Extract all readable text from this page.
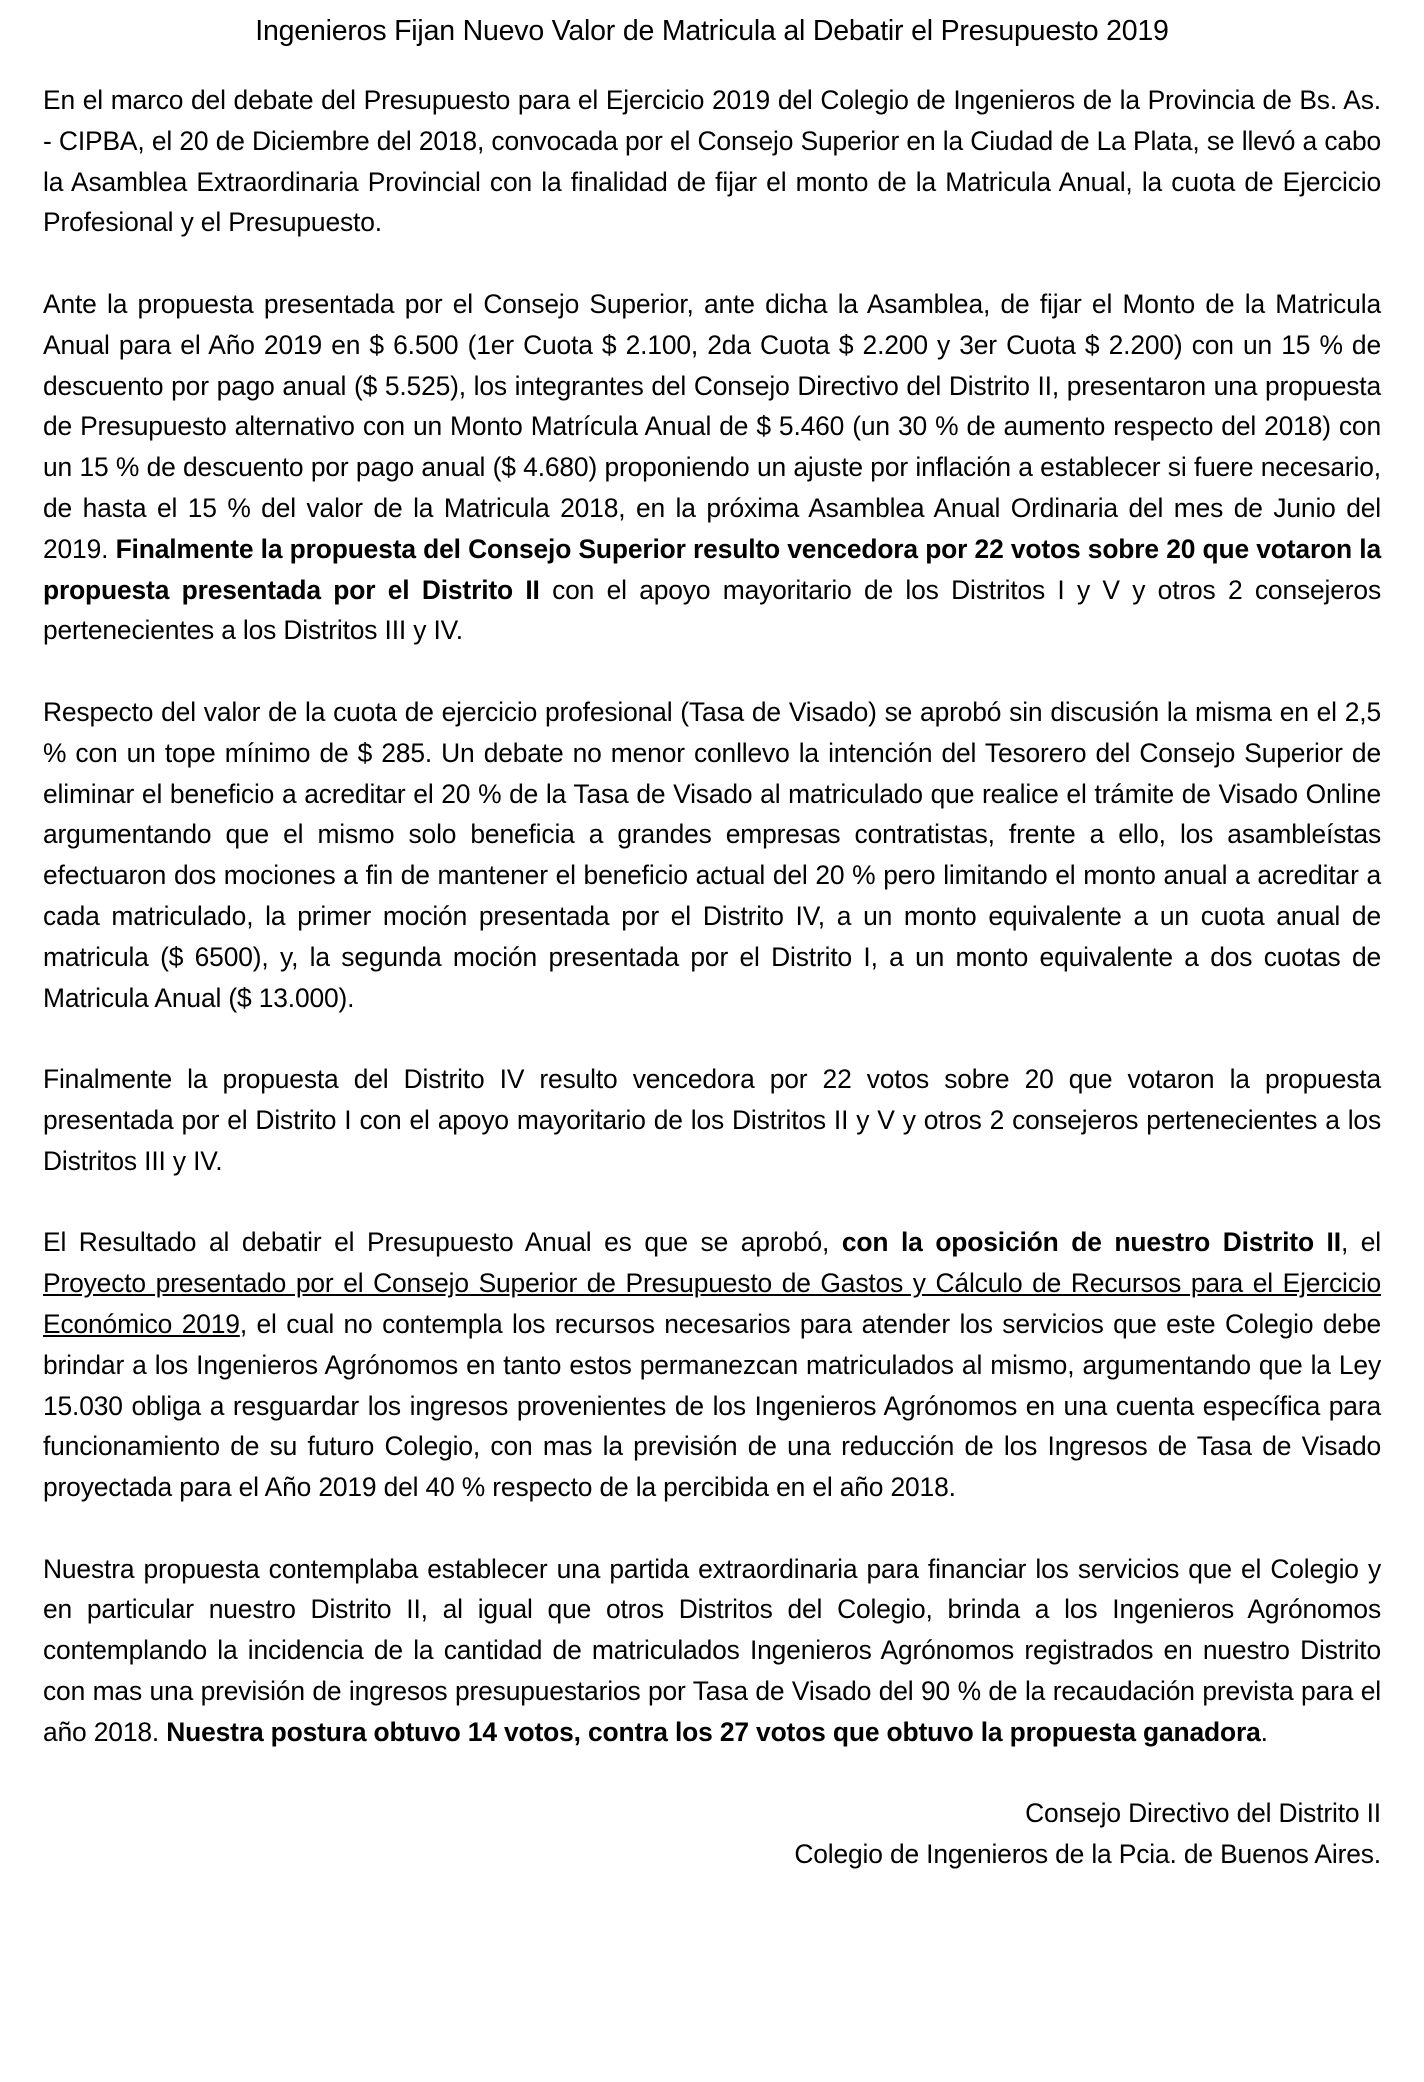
Ingenieros Fijan Nuevo Valor de Matricula al Debatir el Presupuesto 2019

En el marco del debate del Presupuesto para el Ejercicio 2019 del Colegio de Ingenieros de la Provincia de Bs. As. - CIPBA, el 20 de Diciembre del 2018, convocada por el Consejo Superior en la Ciudad de La Plata, se llevó a cabo la Asamblea Extraordinaria Provincial con la finalidad de fijar el monto de la Matricula Anual, la cuota de Ejercicio Profesional y el Presupuesto.

Ante la propuesta presentada por el Consejo Superior, ante dicha la Asamblea, de fijar el Monto de la Matricula Anual para el Año 2019 en $ 6.500 (1er Cuota $ 2.100, 2da Cuota $ 2.200 y 3er Cuota $ 2.200) con un 15 % de descuento por pago anual ($ 5.525), los integrantes del Consejo Directivo del Distrito II, presentaron una propuesta de Presupuesto alternativo con un Monto Matrícula Anual de $ 5.460 (un 30 % de aumento respecto del 2018) con un 15 % de descuento por pago anual ($ 4.680) proponiendo un ajuste por inflación a establecer si fuere necesario, de hasta el 15 % del valor de la Matricula 2018, en la próxima Asamblea Anual Ordinaria del mes de Junio del 2019. Finalmente la propuesta del Consejo Superior resulto vencedora por 22 votos sobre 20 que votaron la propuesta presentada por el Distrito II con el apoyo mayoritario de los Distritos I y V y otros 2 consejeros pertenecientes a los Distritos III y IV.

Respecto del valor de la cuota de ejercicio profesional (Tasa de Visado) se aprobó sin discusión la misma en el 2,5 % con un tope mínimo de $ 285. Un debate no menor conllevo la intención del Tesorero del Consejo Superior de eliminar el beneficio a acreditar el 20 % de la Tasa de Visado al matriculado que realice el trámite de Visado Online argumentando que el mismo solo beneficia a grandes empresas contratistas, frente a ello, los asambleístas efectuaron dos mociones a fin de mantener el beneficio actual del 20 % pero limitando el monto anual a acreditar a cada matriculado, la primer moción presentada por el Distrito IV, a un monto equivalente a un cuota anual de matricula ($ 6500), y, la segunda moción presentada por el Distrito I, a un monto equivalente a dos cuotas de Matricula Anual ($ 13.000).

Finalmente la propuesta del Distrito IV resulto vencedora por 22 votos sobre 20 que votaron la propuesta presentada por el Distrito I con el apoyo mayoritario de los Distritos II y V y otros 2 consejeros pertenecientes a los Distritos III y IV.

El Resultado al debatir el Presupuesto Anual es que se aprobó, con la oposición de nuestro Distrito II, el Proyecto presentado por el Consejo Superior de Presupuesto de Gastos y Cálculo de Recursos para el Ejercicio Económico 2019, el cual no contempla los recursos necesarios para atender los servicios que este Colegio debe brindar a los Ingenieros Agrónomos en tanto estos permanezcan matriculados al mismo, argumentando que la Ley 15.030 obliga a resguardar los ingresos provenientes de los Ingenieros Agrónomos en una cuenta específica para funcionamiento de su futuro Colegio, con mas la previsión de una reducción de los Ingresos de Tasa de Visado proyectada para el Año 2019 del 40 % respecto de la percibida en el año 2018.

Nuestra propuesta contemplaba establecer una partida extraordinaria para financiar los servicios que el Colegio y en particular nuestro Distrito II, al igual que otros Distritos del Colegio, brinda a los Ingenieros Agrónomos contemplando la incidencia de la cantidad de matriculados Ingenieros Agrónomos registrados en nuestro Distrito con mas una previsión de ingresos presupuestarios por Tasa de Visado del 90 % de la recaudación prevista para el año 2018. Nuestra postura obtuvo 14 votos, contra los 27 votos que obtuvo la propuesta ganadora.

Consejo Directivo del Distrito II
Colegio de Ingenieros de la Pcia. de Buenos Aires.
